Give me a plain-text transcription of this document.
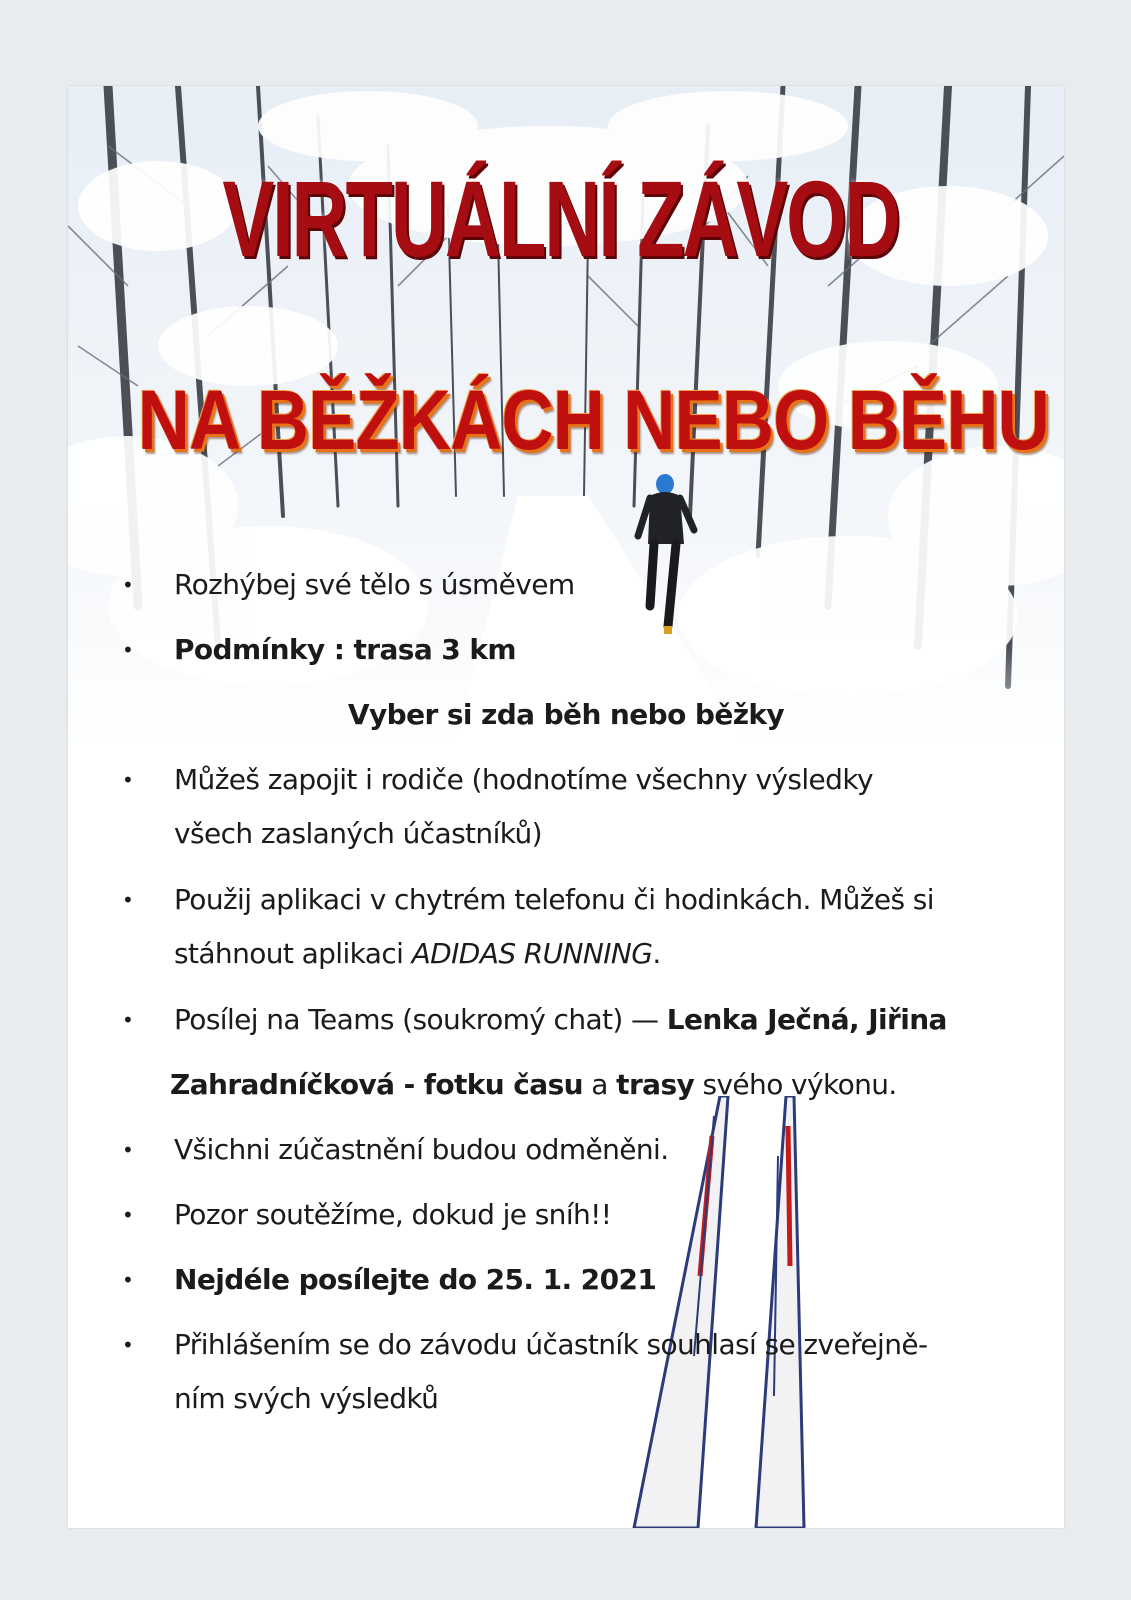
VIRTUÁLNÍ ZÁVOD
NA BĚŽKÁCH NEBO BĚHU
• Rozhýbej své tělo s úsměvem
• Podmínky : trasa 3 km
Vyber si zda běh nebo běžky
• Můžeš zapojit i rodiče (hodnotíme všechny výsledky
všech zaslaných účastníků)
• Použij aplikaci v chytrém telefonu či hodinkách. Můžeš si
stáhnout aplikaci ADIDAS RUNNING.
• Posílej na Teams (soukromý chat) — Lenka Ječná, Jiřina
Zahradníčková - fotku času a trasy svého výkonu.
• Všichni zúčastnění budou odměněni.
• Pozor soutěžíme, dokud je sníh!!
• Nejdéle posílejte do 25. 1. 2021
• Přihlášením se do závodu účastník souhlasí se zveřejně-
ním svých výsledků
